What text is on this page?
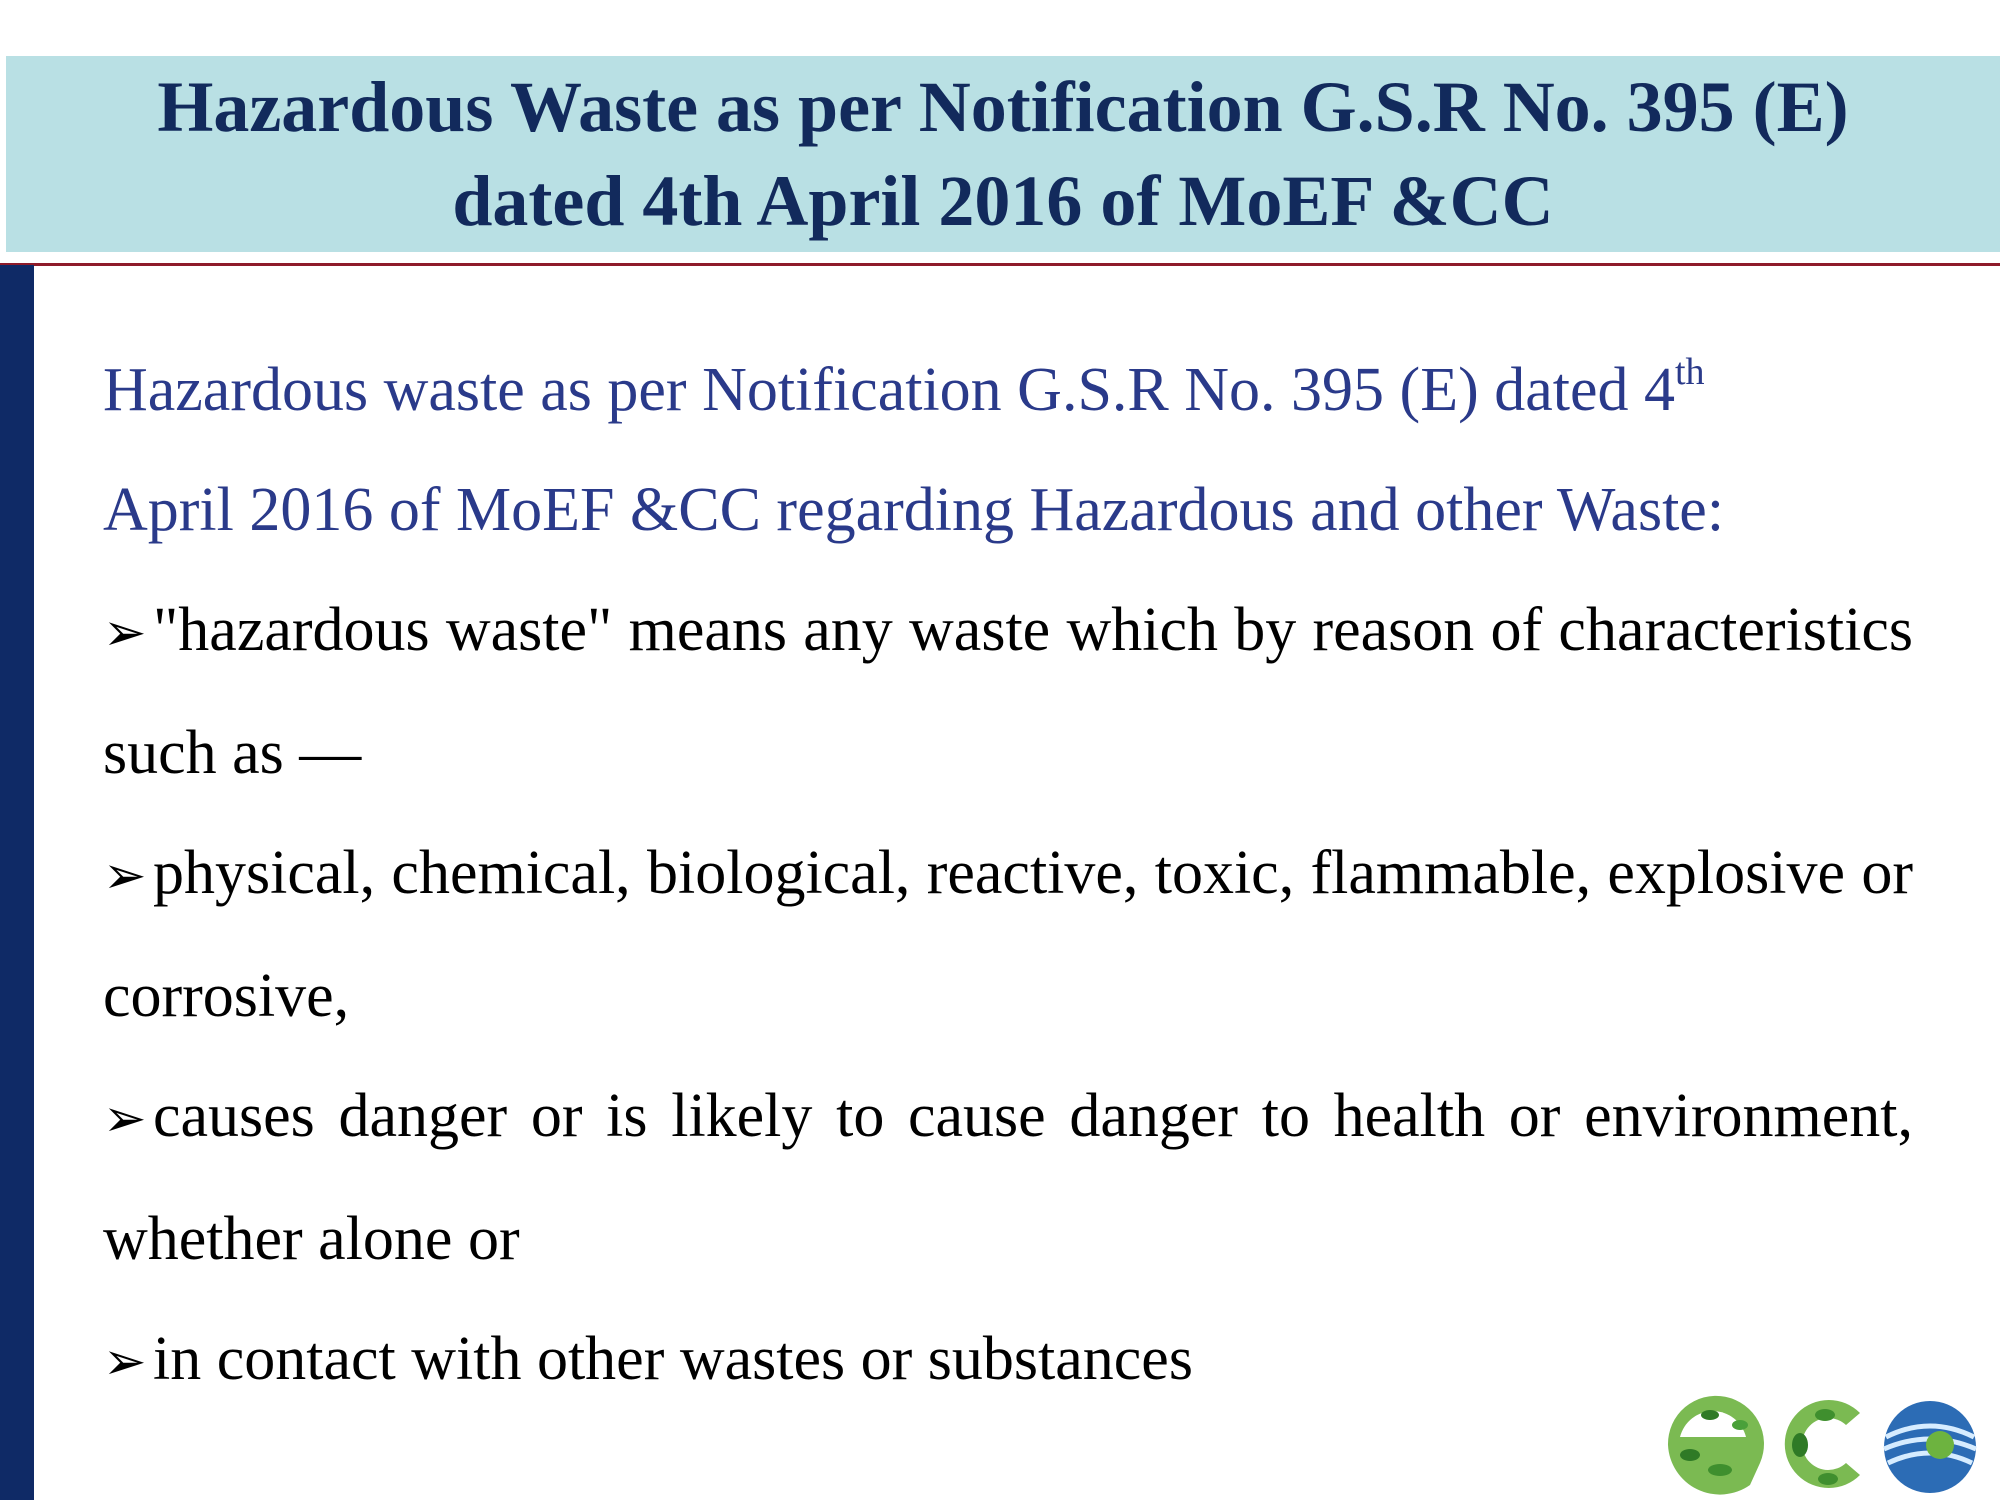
Hazardous Waste as per Notification G.S.R No. 395 (E)
dated 4th April 2016 of MoEF &CC

Hazardous waste as per Notification G.S.R No. 395 (E) dated 4th
April 2016 of MoEF &CC regarding Hazardous and other Waste:

➢ "hazardous waste" means any waste which by reason of characteristics such as —

➢ physical, chemical, biological, reactive, toxic, flammable, explosive or corrosive,

➢ causes danger or is likely to cause danger to health or environment, whether alone or

➢ in contact with other wastes or substances
